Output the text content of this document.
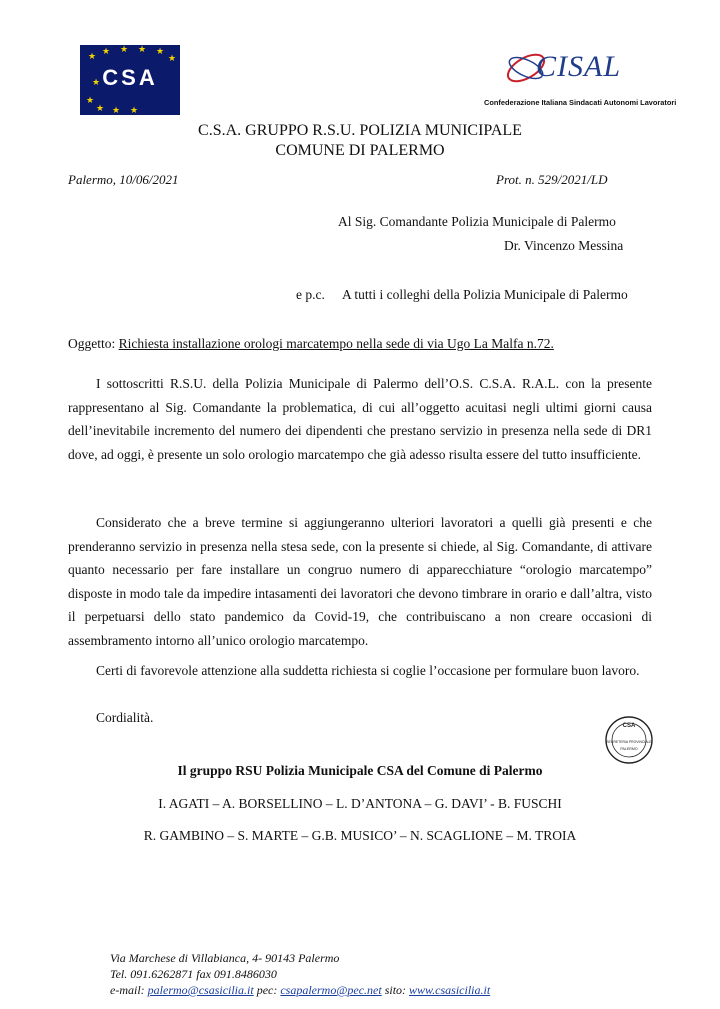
★ ★ ★ ★ ★
★
★
★ ★ ★
★ CSA	CISAL
Confederazione Italiana Sindacati Autonomi Lavoratori
C.S.A. GRUPPO R.S.U. POLIZIA MUNICIPALE
COMUNE DI PALERMO
Palermo, 10/06/2021	Prot. n. 529/2021/LD
Al Sig. Comandante Polizia Municipale di Palermo
Dr. Vincenzo Messina
e p.c. A tutti i colleghi della Polizia Municipale di Palermo
Oggetto: Richiesta installazione orologi marcatempo nella sede di via Ugo La Malfa n.72.
I sottoscritti R.S.U. della Polizia Municipale di Palermo dell’O.S. C.S.A. R.A.L. con la presente rappresentano al Sig. Comandante la problematica, di cui all’oggetto acuitasi negli ultimi giorni causa dell’inevitabile incremento del numero dei dipendenti che prestano servizio in presenza nella sede di DR1 dove, ad oggi, è presente un solo orologio marcatempo che già adesso risulta essere del tutto insufficiente.
Considerato che a breve termine si aggiungeranno ulteriori lavoratori a quelli già presenti e che prenderanno servizio in presenza nella stesa sede, con la presente si chiede, al Sig. Comandante, di attivare quanto necessario per fare installare un congruo numero di apparecchiature “orologio marcatempo” disposte in modo tale da impedire intasamenti dei lavoratori che devono timbrare in orario e dall’altra, visto il perpetuarsi dello stato pandemico da Covid-19, che contribuiscano a non creare occasioni di assembramento intorno all’unico orologio marcatempo.
Certi di favorevole attenzione alla suddetta richiesta si coglie l’occasione per formulare buon lavoro.
Cordialità.
CSA
SEGRETERIA PROVINCIALE
PALERMO
Il gruppo RSU Polizia Municipale CSA del Comune di Palermo
I. AGATI – A. BORSELLINO – L. D’ANTONA – G. DAVI’ - B. FUSCHI
R. GAMBINO – S. MARTE – G.B. MUSICO’ – N. SCAGLIONE – M. TROIA
Via Marchese di Villabianca, 4- 90143 Palermo
Tel. 091.6262871 fax 091.8486030
e-mail: palermo@csasicilia.it pec: csapalermo@pec.net sito: www.csasicilia.it
